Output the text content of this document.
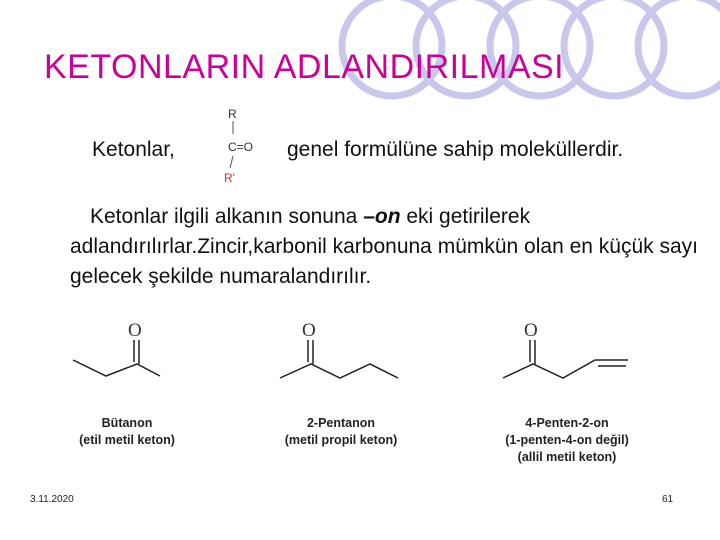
KETONLARIN ADLANDIRILMASI
Ketonlar,
R
C=O
R'
genel formülüne sahip moleküllerdir.
Ketonlar ilgili alkanın sonuna –on eki getirilerek adlandırılırlar.Zincir,karbonil karbonuna mümkün olan en küçük sayı gelecek şekilde numaralandırılır.
O
Bütanon
(etil metil keton)
O
2-Pentanon
(metil propil keton)
O
4-Penten-2-on
(1-penten-4-on değil)
(allil metil keton)
3.11.2020	61
